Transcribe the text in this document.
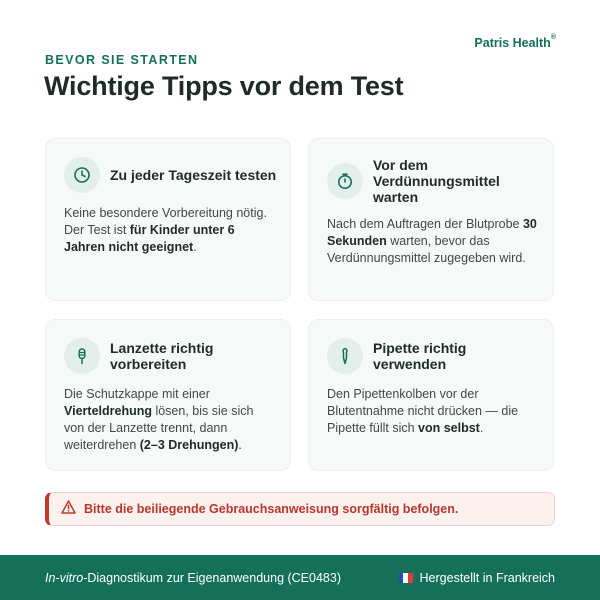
Patris Health®
BEVOR SIE STARTEN
Wichtige Tipps vor dem Test
Zu jeder Tageszeit testen

Keine besondere Vorbereitung nötig. Der Test ist für Kinder unter 6 Jahren nicht geeignet.

Vor dem Verdünnungsmittel warten

Nach dem Auftragen der Blutprobe 30 Sekunden warten, bevor das Verdünnungsmittel zugegeben wird.

Lanzette richtig vorbereiten

Die Schutzkappe mit einer Vierteldrehung lösen, bis sie sich von der Lanzette trennt, dann weiterdrehen (2–3 Drehungen).

Pipette richtig verwenden

Den Pipettenkolben vor der Blutentnahme nicht drücken — die Pipette füllt sich von selbst.

Bitte die beiliegende Gebrauchsanweisung sorgfältig befolgen.
In-vitro-Diagnostikum zur Eigenanwendung (CE0483)	Hergestellt in Frankreich
